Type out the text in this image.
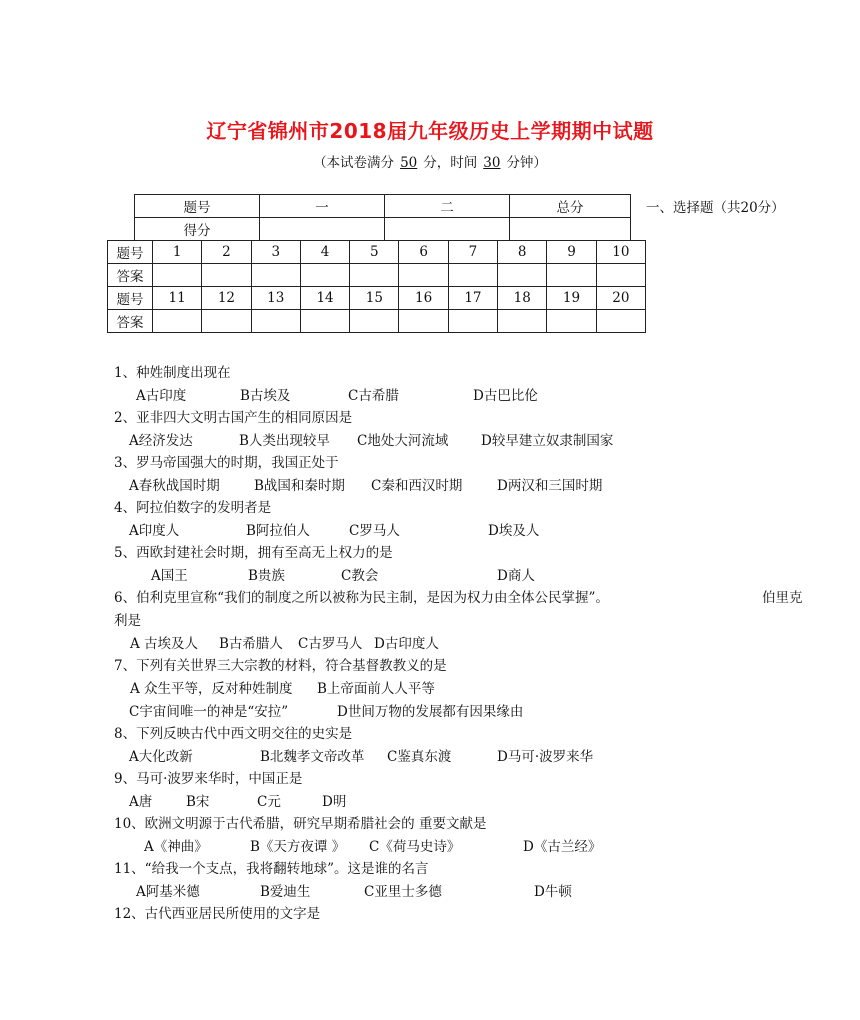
辽宁省锦州市2018届九年级历史上学期期中试题
（本试卷满分 50 分，时间 30 分钟）
题号	一	二	总分
得分			
一、选择题（共20分）
题号	1	2	3	4	5	6	7	8	9	10
答案										
题号	11	12	13	14	15	16	17	18	19	20
答案										
1、种姓制度出现在
A古印度	B古埃及	C古希腊	D古巴比伦
2、亚非四大文明古国产生的相同原因是
A经济发达	B人类出现较早 C地处大河流域 D较早建立奴隶制国家
3、罗马帝国强大的时期，我国正处于
A春秋战国时期	B战国和秦时期 C秦和西汉时期	D两汉和三国时期
4、阿拉伯数字的发明者是
A印度人	B阿拉伯人	C罗马人	D埃及人
5、西欧封建社会时期，拥有至高无上权力的是
A国王	B贵族	C教会	D商人
6、伯利克里宣称“我们的制度之所以被称为民主制，是因为权力由全体公民掌握”。	伯里克
利是
A 古埃及人 B古希腊人 C古罗马人 D古印度人
7、下列有关世界三大宗教的材料，符合基督教教义的是
A 众生平等，反对种姓制度 B上帝面前人人平等
C宇宙间唯一的神是“安拉”	D世间万物的发展都有因果缘由
8、下列反映古代中西文明交往的史实是
A大化改新	B北魏孝文帝改革 C鉴真东渡	D马可·波罗来华
9、马可·波罗来华时，中国正是
A唐	B宋	C元	D明
10、欧洲文明源于古代希腊，研究早期希腊社会的 重要文献是
A《神曲》	B《天方夜谭 》 C《荷马史诗》	D《古兰经》
11、“给我一个支点，我将翻转地球”。这是谁的名言
A阿基米德	B爱迪生	C亚里士多德	D牛顿
12、古代西亚居民所使用的文字是
